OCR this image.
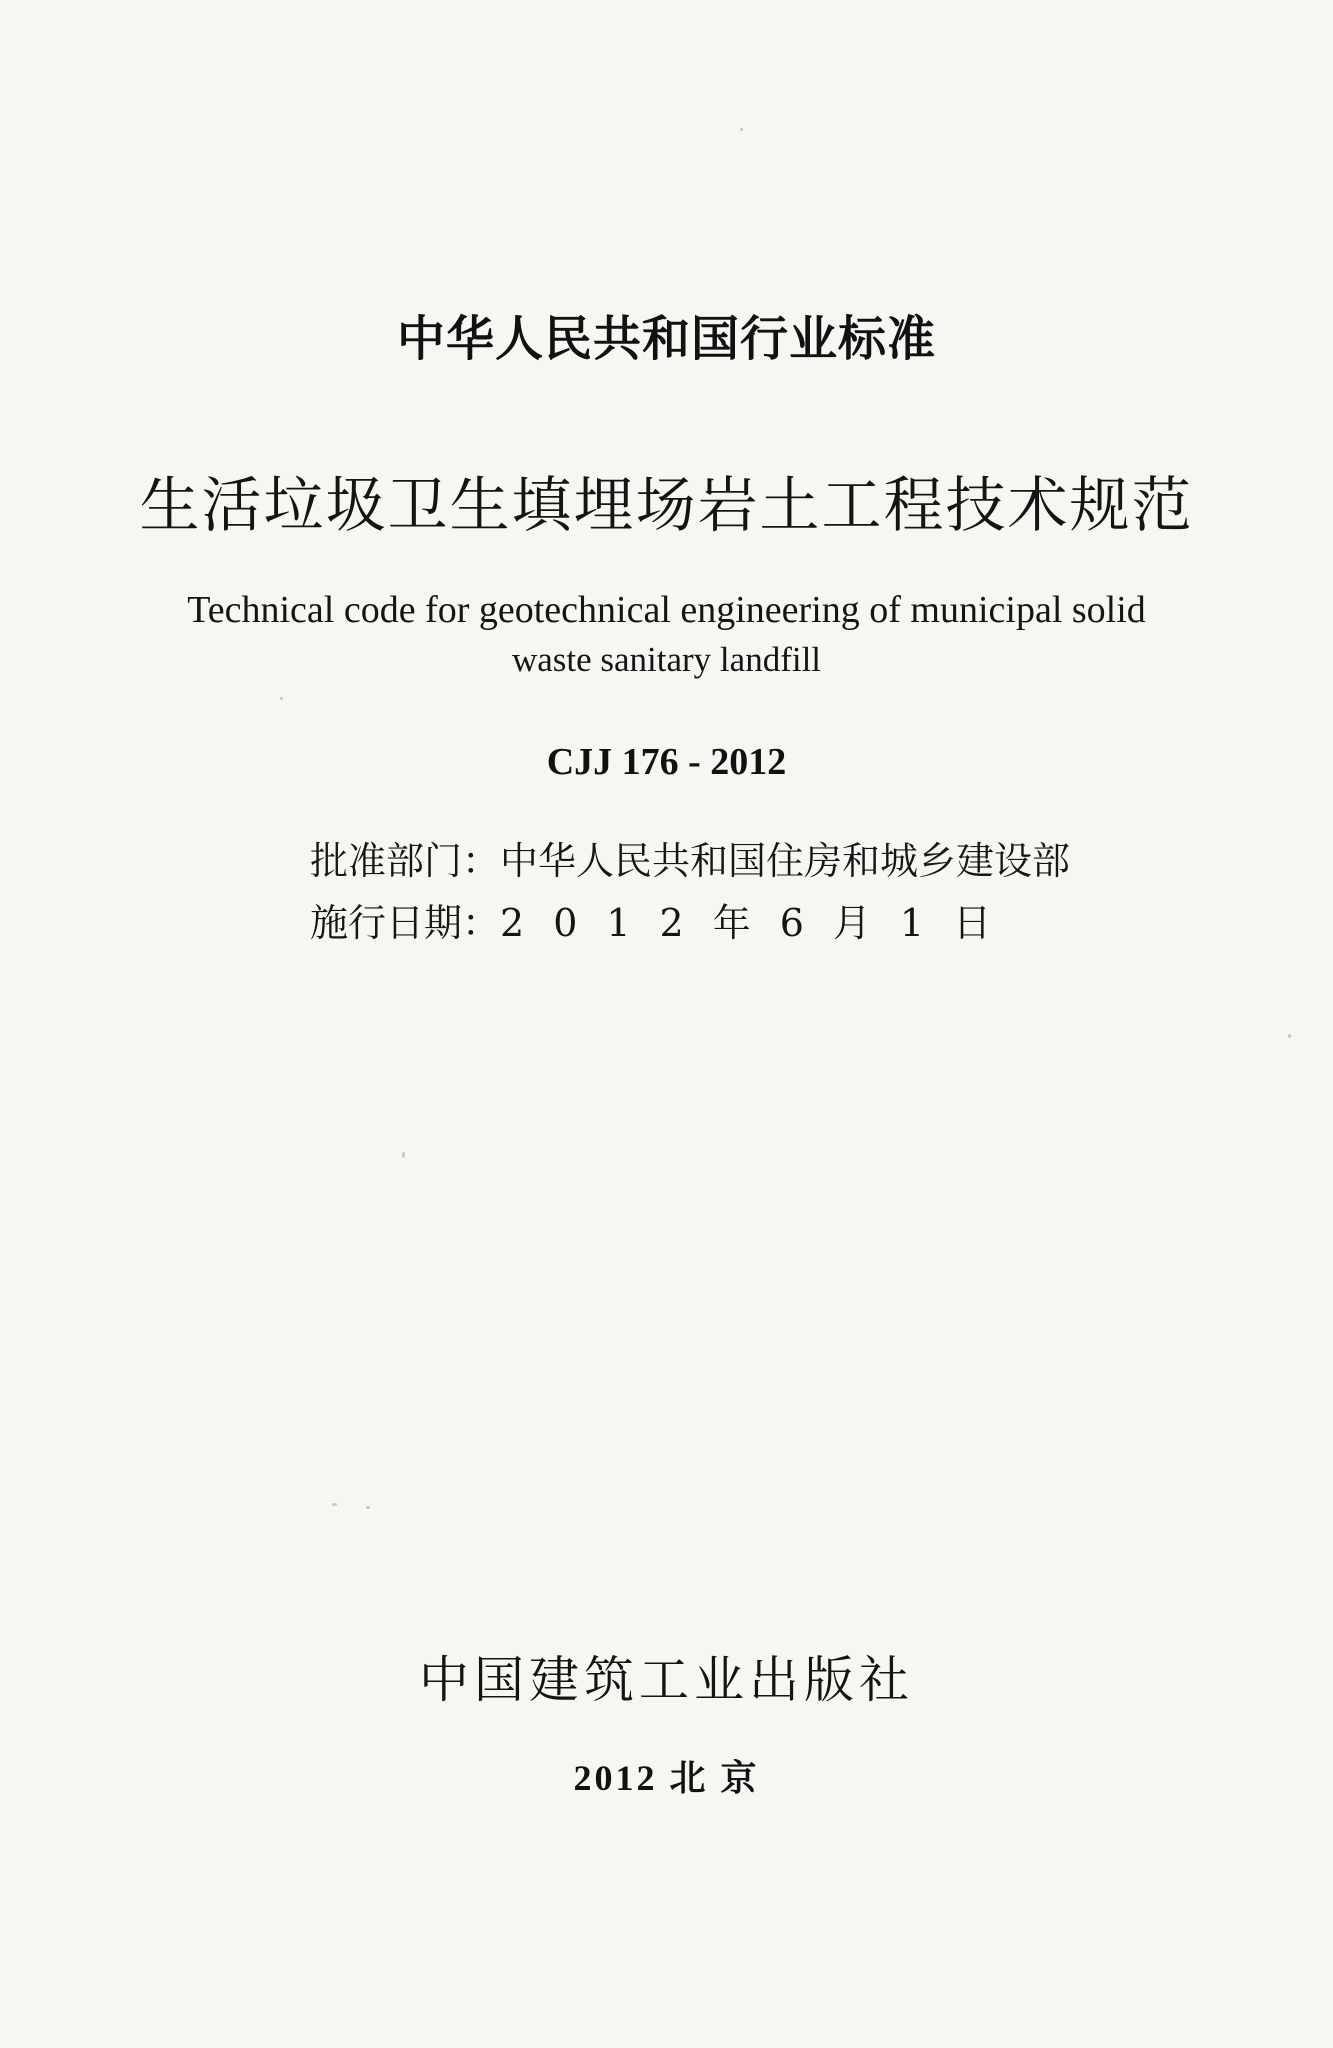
中华人民共和国行业标准
生活垃圾卫生填埋场岩土工程技术规范
Technical code for geotechnical engineering of municipal solid
waste sanitary landfill
CJJ 176 - 2012
批准部门：中华人民共和国住房和城乡建设部
施行日期：2012年6月1日
中国建筑工业出版社
2012 北 京
